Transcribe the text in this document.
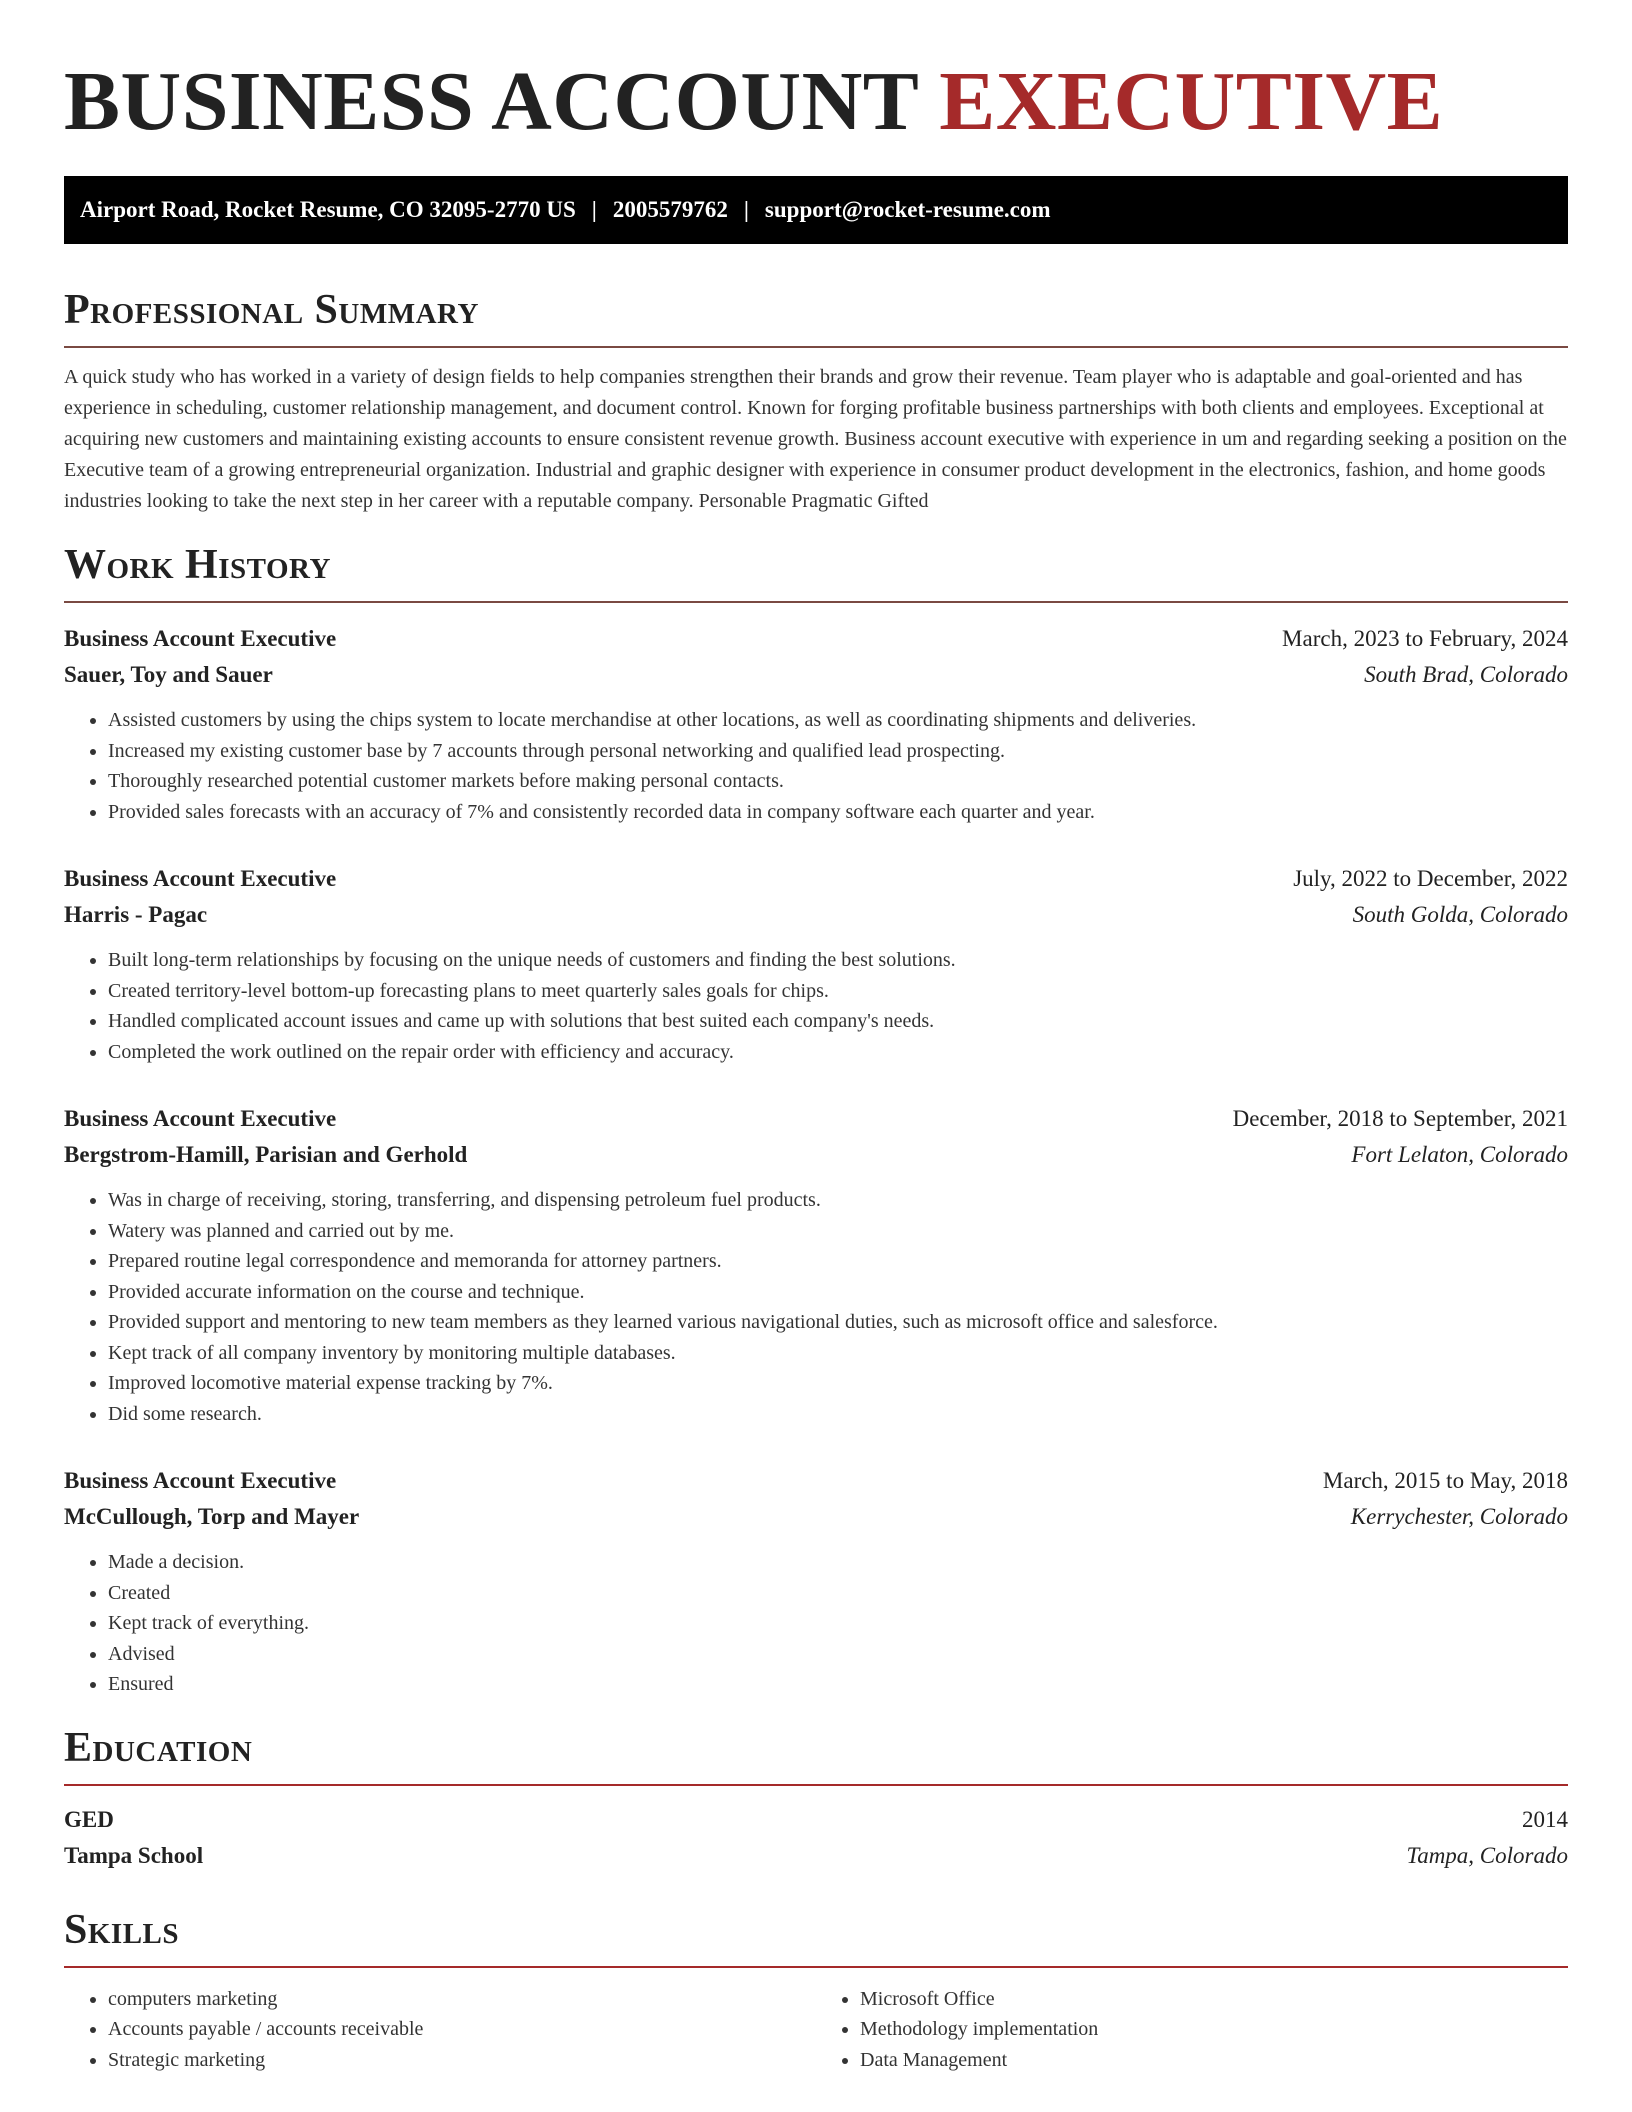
BUSINESS ACCOUNT EXECUTIVE
Airport Road, Rocket Resume, CO 32095-2770 US | 2005579762 | support@rocket-resume.com
Professional Summary

A quick study who has worked in a variety of design fields to help companies strengthen their brands and grow their revenue. Team player who is adaptable and goal-oriented and has experience in scheduling, customer relationship management, and document control. Known for forging profitable business partnerships with both clients and employees. Exceptional at acquiring new customers and maintaining existing accounts to ensure consistent revenue growth. Business account executive with experience in um and regarding seeking a position on the Executive team of a growing entrepreneurial organization. Industrial and graphic designer with experience in consumer product development in the electronics, fashion, and home goods industries looking to take the next step in her career with a reputable company. Personable Pragmatic Gifted

Work History
Business Account Executive	March, 2023 to February, 2024
Sauer, Toy and Sauer	South Brad, Colorado
• Assisted customers by using the chips system to locate merchandise at other locations, as well as coordinating shipments and deliveries.
• Increased my existing customer base by 7 accounts through personal networking and qualified lead prospecting.
• Thoroughly researched potential customer markets before making personal contacts.
• Provided sales forecasts with an accuracy of 7% and consistently recorded data in company software each quarter and year.
Business Account Executive	July, 2022 to December, 2022
Harris - Pagac	South Golda, Colorado
• Built long-term relationships by focusing on the unique needs of customers and finding the best solutions.
• Created territory-level bottom-up forecasting plans to meet quarterly sales goals for chips.
• Handled complicated account issues and came up with solutions that best suited each company's needs.
• Completed the work outlined on the repair order with efficiency and accuracy.
Business Account Executive	December, 2018 to September, 2021
Bergstrom-Hamill, Parisian and Gerhold	Fort Lelaton, Colorado
• Was in charge of receiving, storing, transferring, and dispensing petroleum fuel products.
• Watery was planned and carried out by me.
• Prepared routine legal correspondence and memoranda for attorney partners.
• Provided accurate information on the course and technique.
• Provided support and mentoring to new team members as they learned various navigational duties, such as microsoft office and salesforce.
• Kept track of all company inventory by monitoring multiple databases.
• Improved locomotive material expense tracking by 7%.
• Did some research.
Business Account Executive	March, 2015 to May, 2018
McCullough, Torp and Mayer	Kerrychester, Colorado
• Made a decision.
• Created
• Kept track of everything.
• Advised
• Ensured
Education
GED	2014
Tampa School	Tampa, Colorado
Skills
• computers marketing
• Accounts payable / accounts receivable
• Strategic marketing
• Microsoft Office
• Methodology implementation
• Data Management
